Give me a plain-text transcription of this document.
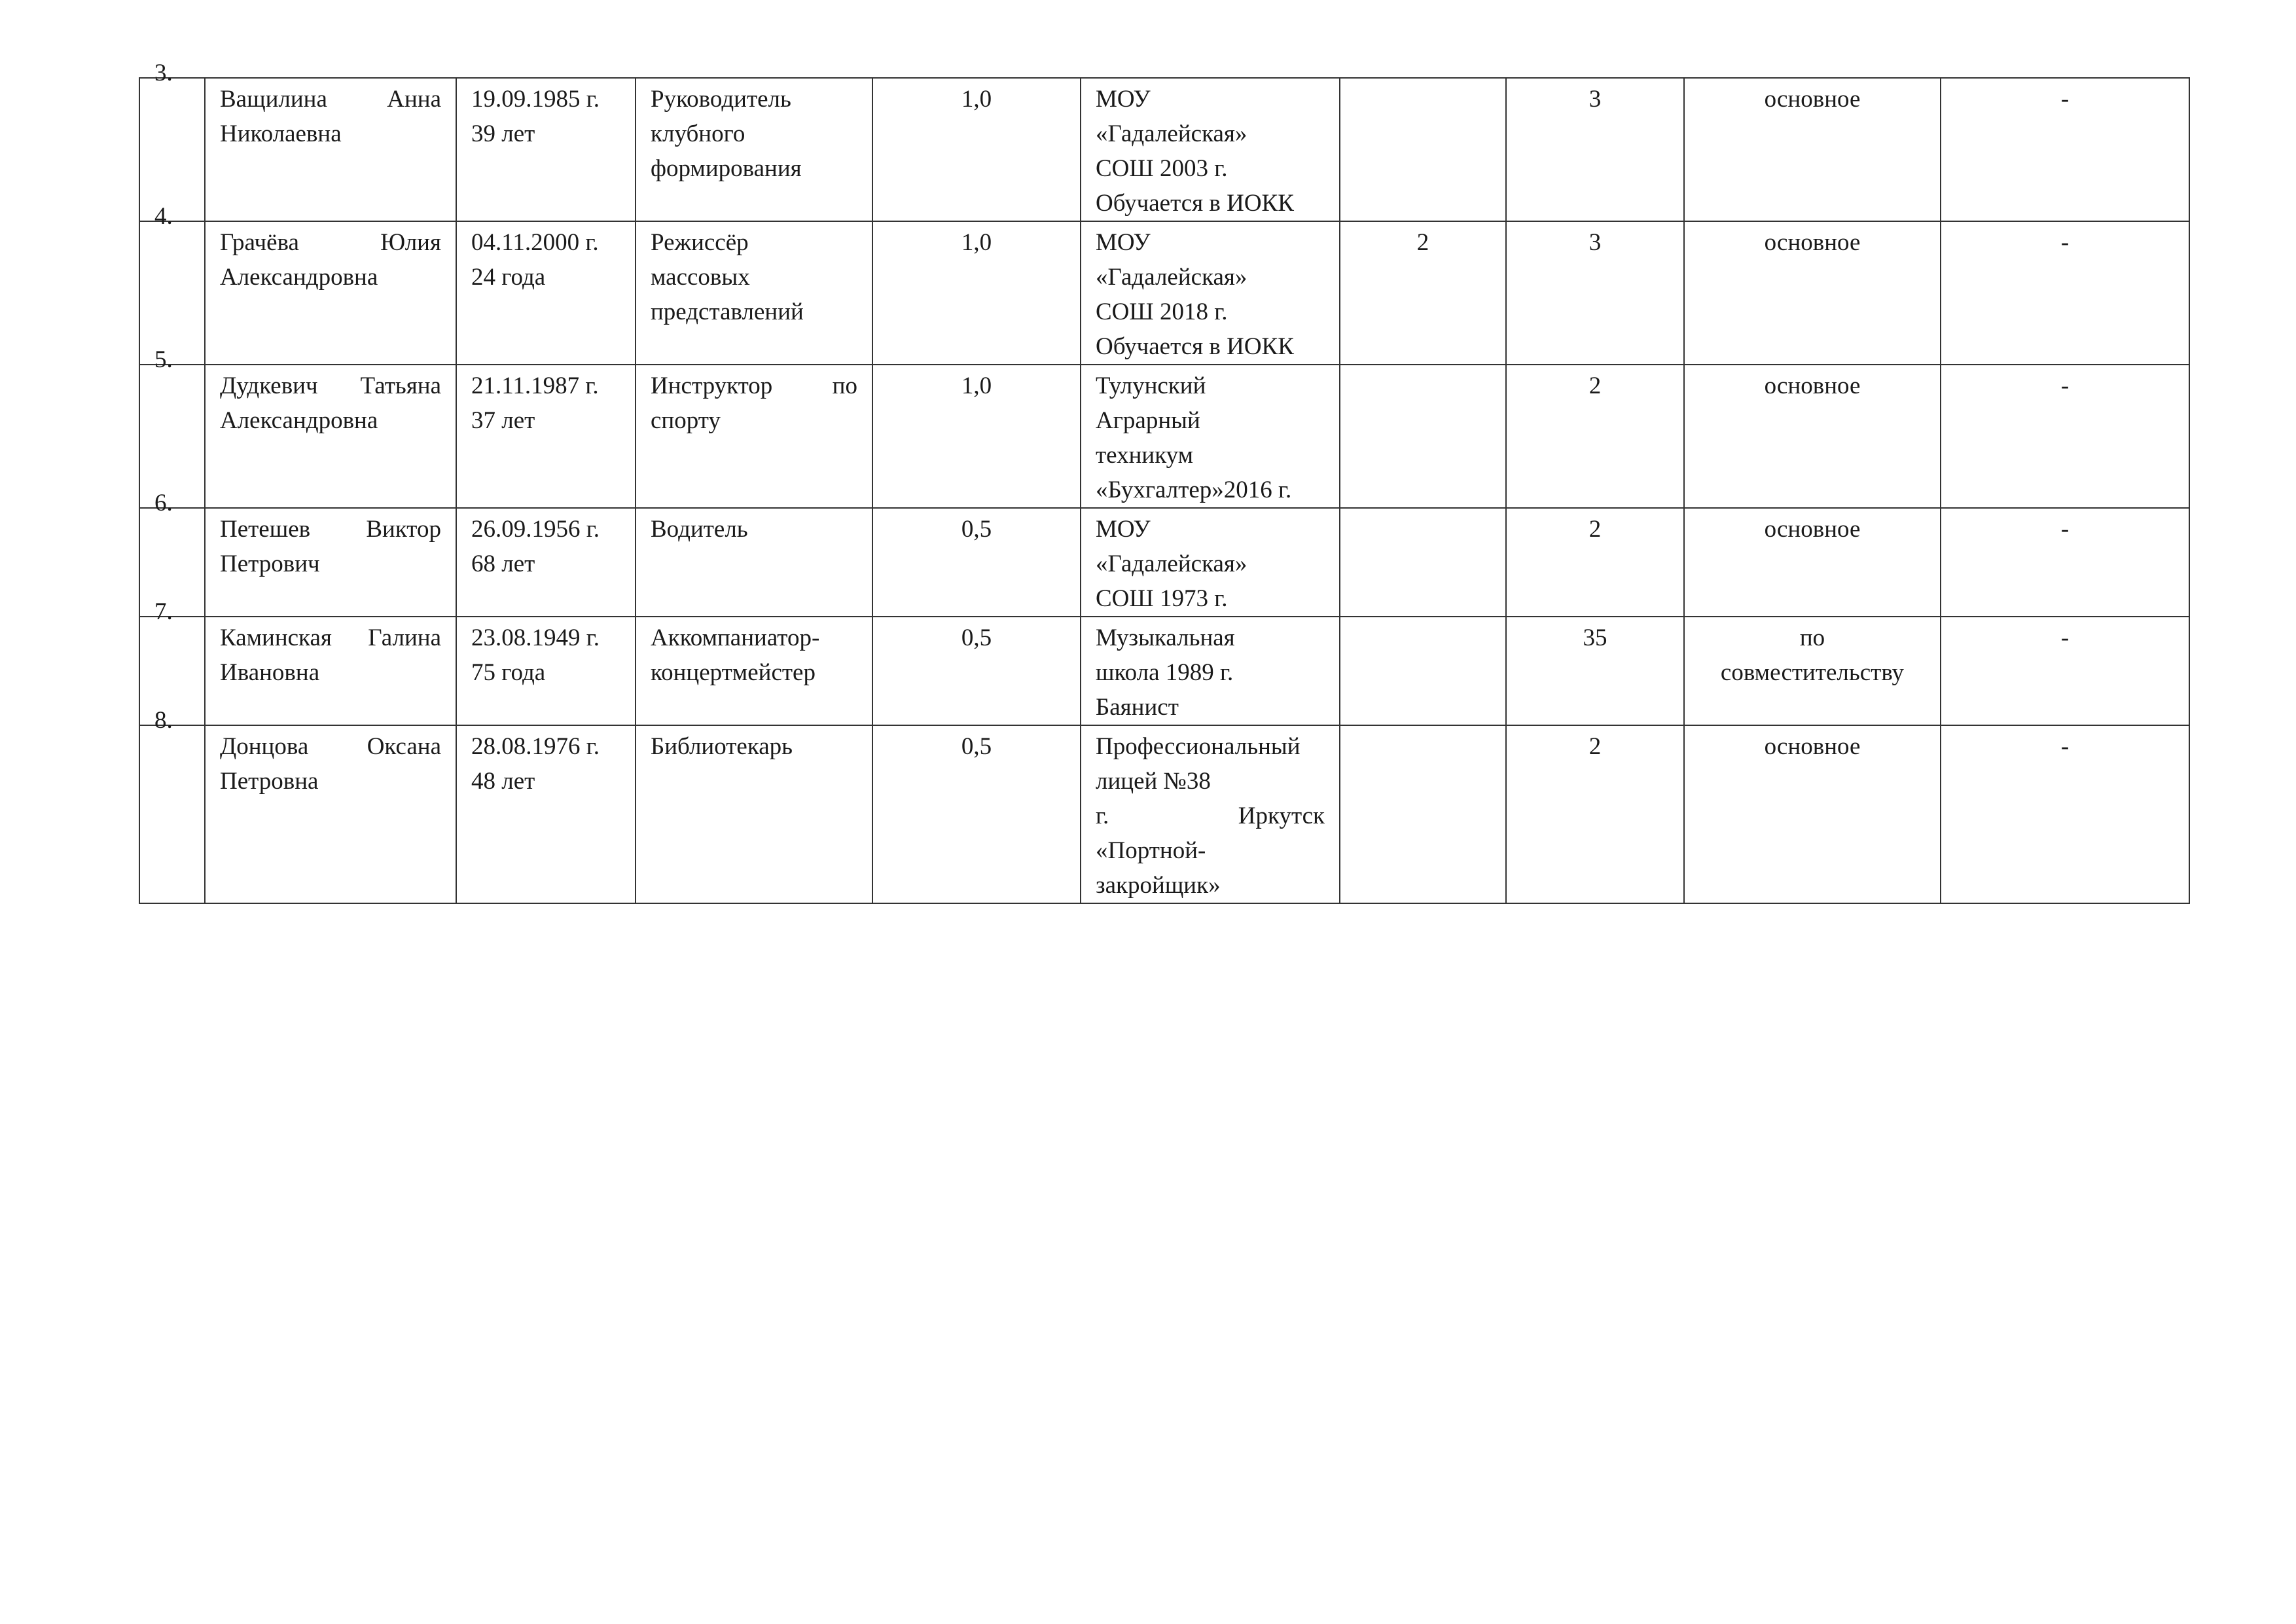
3.	Ващилина Анна
Николаевна	19.09.1985 г.
39 лет	Руководитель
клубного
формирования	1,0	МОУ
«Гадалейская»
СОШ 2003 г.
Обучается в ИОКК		3	основное	-

4.	Грачёва Юлия
Александровна	04.11.2000 г.
24 года	Режиссёр
массовых
представлений	1,0	МОУ
«Гадалейская»
СОШ 2018 г.
Обучается в ИОКК	2	3	основное	-

5.	Дудкевич Татьяна
Александровна	21.11.1987 г.
37 лет	Инструктор по
спорту	1,0	Тулунский
Аграрный
техникум
«Бухгалтер»2016 г.		2	основное	-

6.	Петешев Виктор
Петрович	26.09.1956 г.
68 лет	Водитель	0,5	МОУ
«Гадалейская»
СОШ 1973 г.		2	основное	-

7.	Каминская Галина
Ивановна	23.08.1949 г.
75 года	Аккомпаниатор-
концертмейстер	0,5	Музыкальная
школа 1989 г.
Баянист		35	по
совместительству	-

8.	Донцова Оксана
Петровна	28.08.1976 г.
48 лет	Библиотекарь	0,5	Профессиональный
лицей №38
г. Иркутск
«Портной-
закройщик»		2	основное	-
